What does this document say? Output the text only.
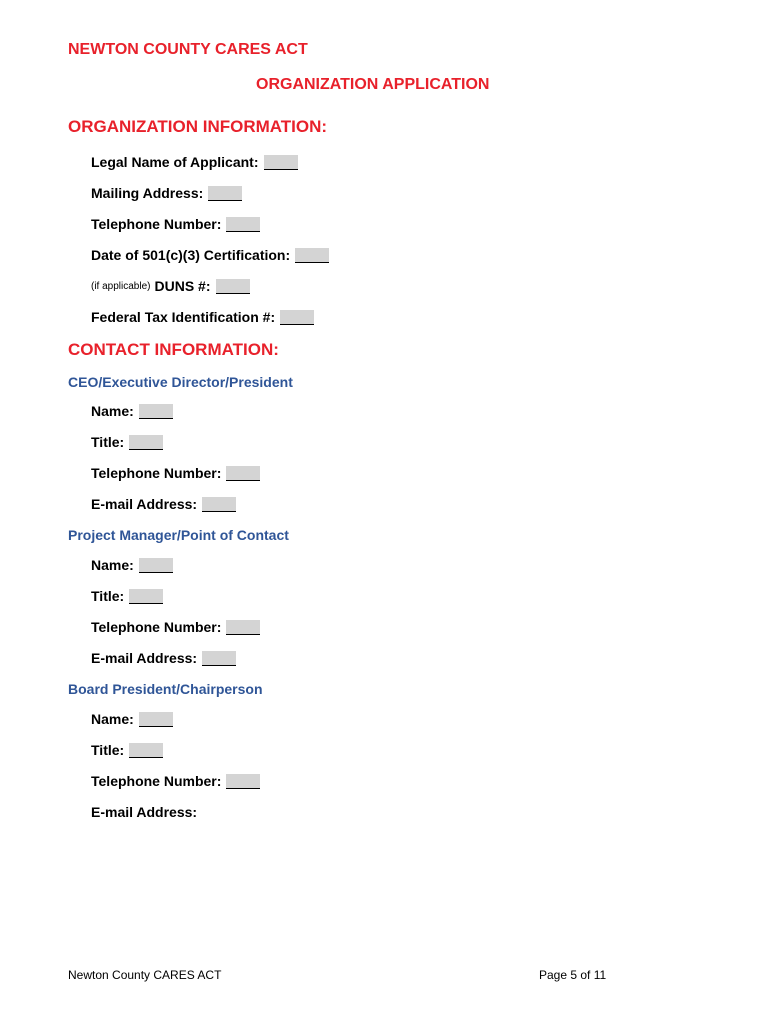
NEWTON COUNTY CARES ACT
ORGANIZATION APPLICATION
ORGANIZATION INFORMATION:
Legal Name of Applicant:
Mailing Address:
Telephone Number:
Date of 501(c)(3) Certification:
(if applicable) DUNS #:
Federal Tax Identification #:
CONTACT INFORMATION:
CEO/Executive Director/President
Name:
Title:
Telephone Number:
E-mail Address:
Project Manager/Point of Contact
Name:
Title:
Telephone Number:
E-mail Address:
Board President/Chairperson
Name:
Title:
Telephone Number:
E-mail Address:
Newton County CARES ACT	Page 5 of 11
